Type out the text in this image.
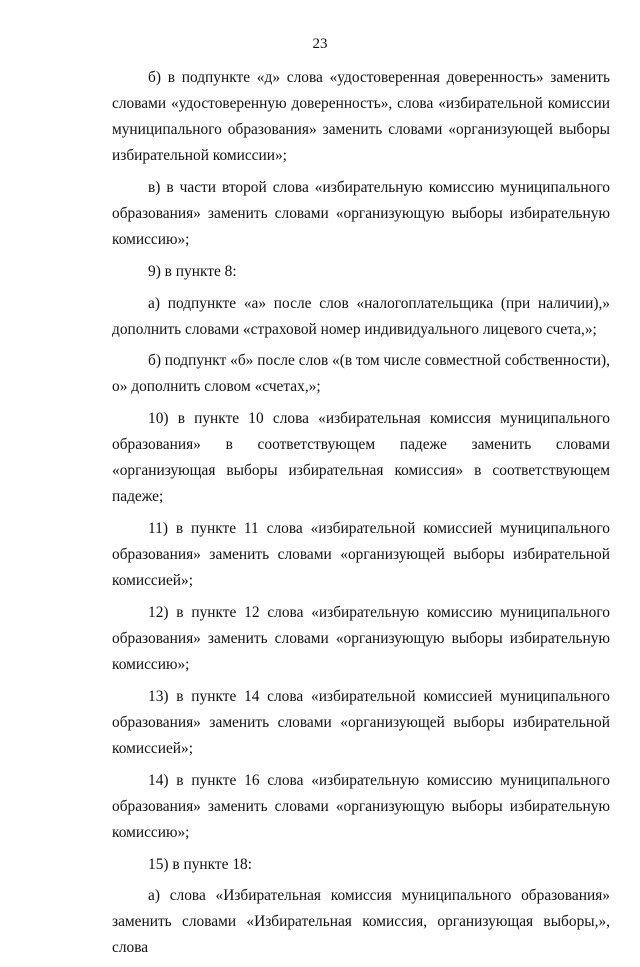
23

б) в подпункте «д» слова «удостоверенная доверенность» заменить словами «удостоверенную доверенность», слова «избирательной комиссии муниципального образования» заменить словами «организующей выборы избирательной комиссии»;

в) в части второй слова «избирательную комиссию муниципального образования» заменить словами «организующую выборы избирательную комиссию»;

9) в пункте 8:

а) подпункте «а» после слов «налогоплательщика (при наличии),» дополнить словами «страховой номер индивидуального лицевого счета,»;

б) подпункт «б» после слов «(в том числе совместной собственности), о» дополнить словом «счетах,»;

10) в пункте 10 слова «избирательная комиссия муниципального образования» в соответствующем падеже заменить словами «организующая выборы избирательная комиссия» в соответствующем падеже;

11) в пункте 11 слова «избирательной комиссией муниципального образования» заменить словами «организующей выборы избирательной комиссией»;

12) в пункте 12 слова «избирательную комиссию муниципального образования» заменить словами «организующую выборы избирательную комиссию»;

13) в пункте 14 слова «избирательной комиссией муниципального образования» заменить словами «организующей выборы избирательной комиссией»;

14) в пункте 16 слова «избирательную комиссию муниципального образования» заменить словами «организующую выборы избирательную комиссию»;

15) в пункте 18:

а) слова «Избирательная комиссия муниципального образования» заменить словами «Избирательная комиссия, организующая выборы,», слова
